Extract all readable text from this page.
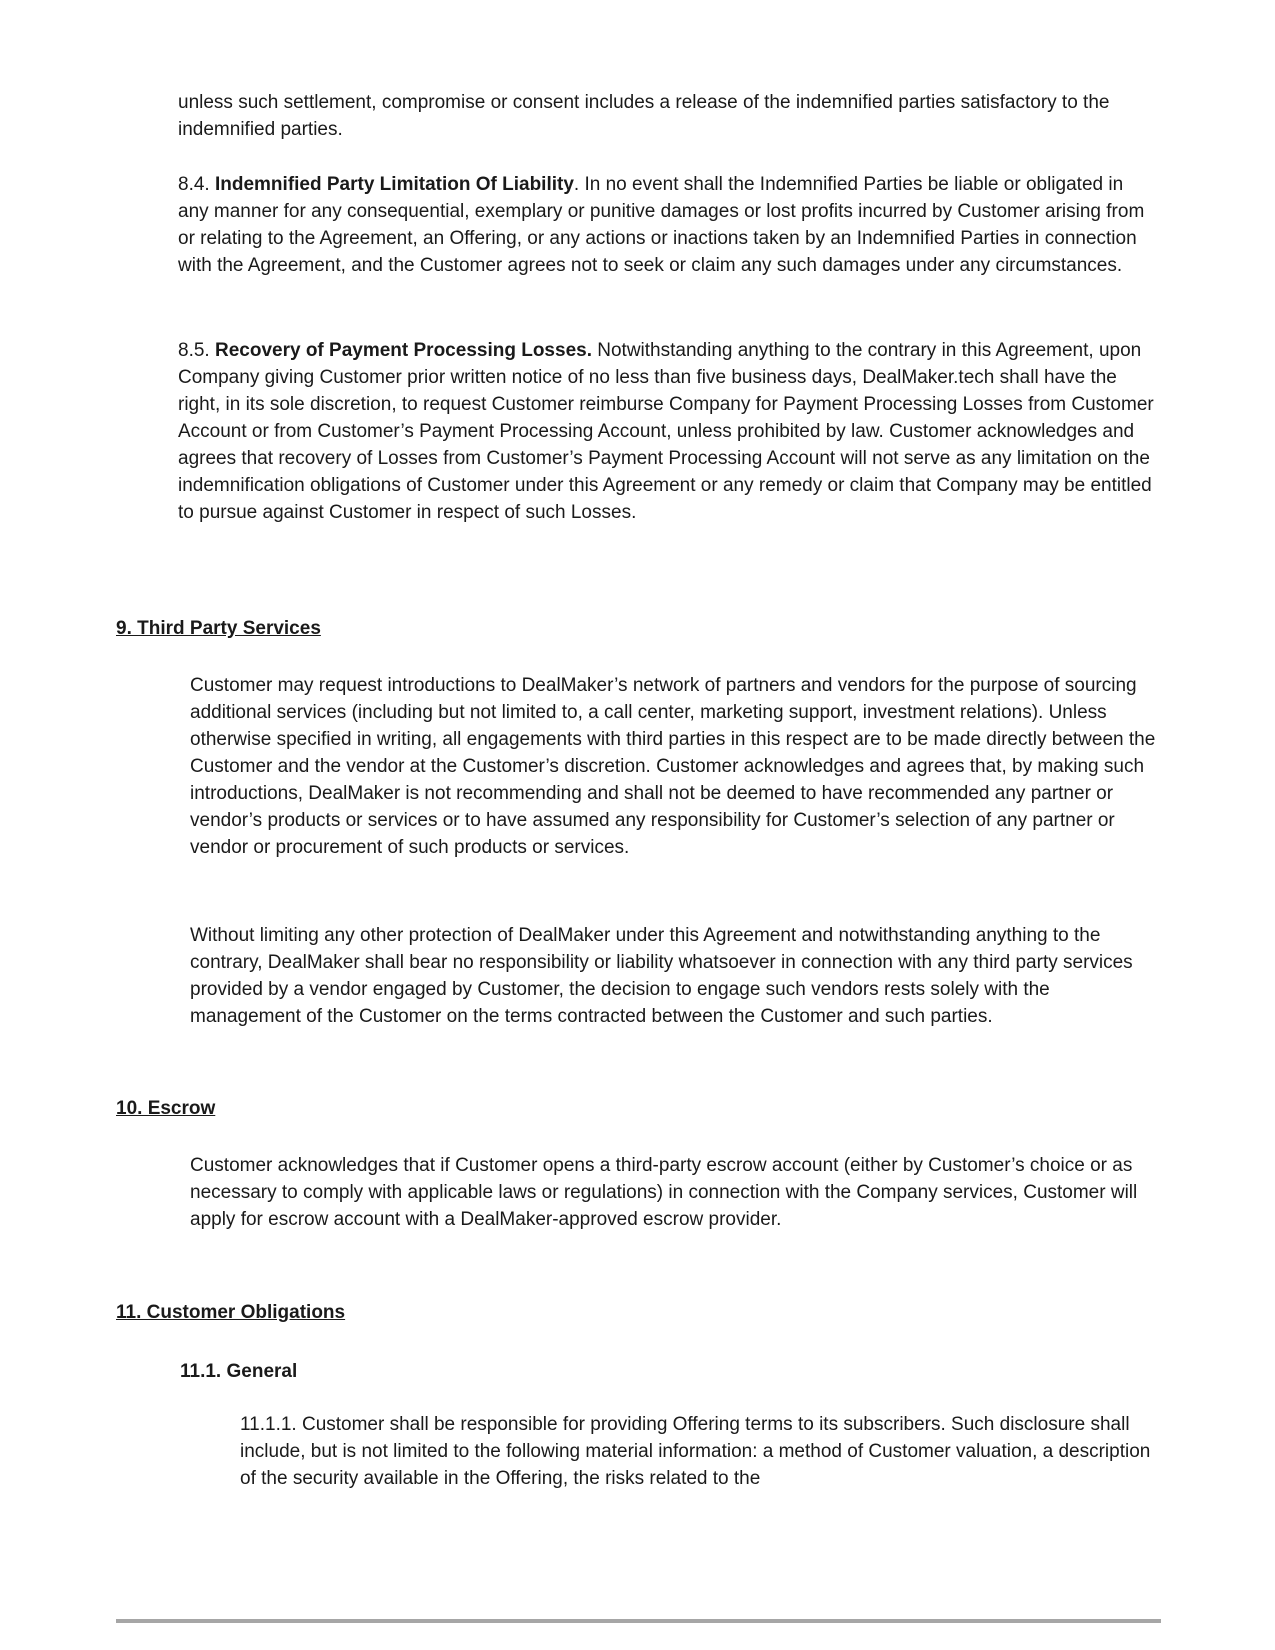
unless such settlement, compromise or consent includes a release of the indemnified parties satisfactory to the indemnified parties.

8.4. Indemnified Party Limitation Of Liability. In no event shall the Indemnified Parties be liable or obligated in any manner for any consequential, exemplary or punitive damages or lost profits incurred by Customer arising from or relating to the Agreement, an Offering, or any actions or inactions taken by an Indemnified Parties in connection with the Agreement, and the Customer agrees not to seek or claim any such damages under any circumstances.

8.5. Recovery of Payment Processing Losses. Notwithstanding anything to the contrary in this Agreement, upon Company giving Customer prior written notice of no less than five business days, DealMaker.tech shall have the right, in its sole discretion, to request Customer reimburse Company for Payment Processing Losses from Customer Account or from Customer’s Payment Processing Account, unless prohibited by law. Customer acknowledges and agrees that recovery of Losses from Customer’s Payment Processing Account will not serve as any limitation on the indemnification obligations of Customer under this Agreement or any remedy or claim that Company may be entitled to pursue against Customer in respect of such Losses.

9. Third Party Services

Customer may request introductions to DealMaker’s network of partners and vendors for the purpose of sourcing additional services (including but not limited to, a call center, marketing support, investment relations). Unless otherwise specified in writing, all engagements with third parties in this respect are to be made directly between the Customer and the vendor at the Customer’s discretion. Customer acknowledges and agrees that, by making such introductions, DealMaker is not recommending and shall not be deemed to have recommended any partner or vendor’s products or services or to have assumed any responsibility for Customer’s selection of any partner or vendor or procurement of such products or services.

Without limiting any other protection of DealMaker under this Agreement and notwithstanding anything to the contrary, DealMaker shall bear no responsibility or liability whatsoever in connection with any third party services provided by a vendor engaged by Customer, the decision to engage such vendors rests solely with the management of the Customer on the terms contracted between the Customer and such parties.

10. Escrow

Customer acknowledges that if Customer opens a third-party escrow account (either by Customer’s choice or as necessary to comply with applicable laws or regulations) in connection with the Company services, Customer will apply for escrow account with a DealMaker-approved escrow provider.

11. Customer Obligations

11.1. General

11.1.1. Customer shall be responsible for providing Offering terms to its subscribers. Such disclosure shall include, but is not limited to the following material information: a method of Customer valuation, a description of the security available in the Offering, the risks related to the
